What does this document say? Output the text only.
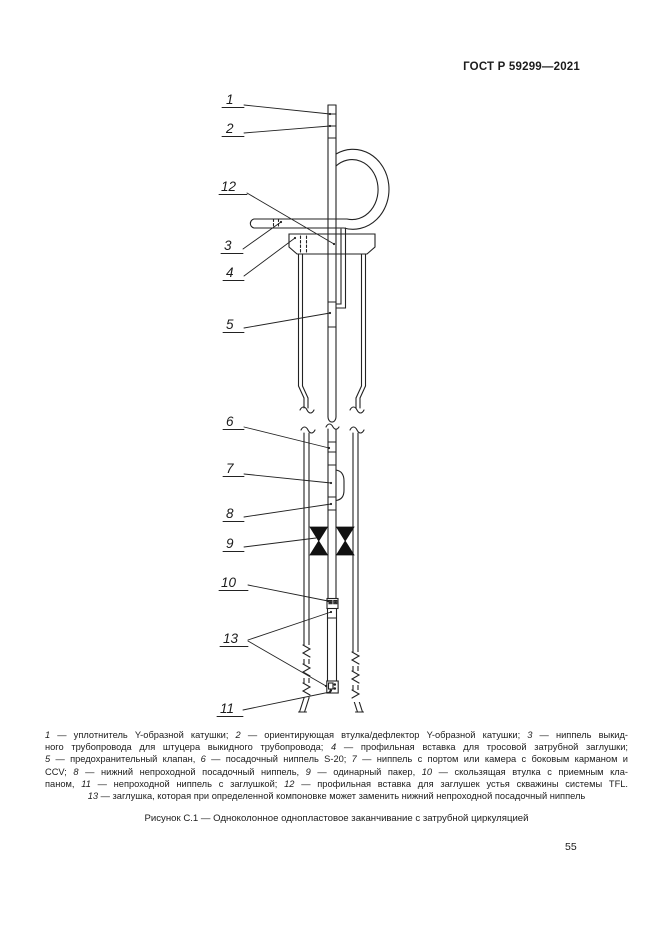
ГОСТ Р 59299—2021
1
2
12
3
4
5
6
7
8
9
10
13
11
1 — уплотнитель Y-образной катушки; 2 — ориентирующая втулка/дефлектор Y-образной катушки; 3 — ниппель выкид-
ного трубопровода для штуцера выкидного трубопровода; 4 — профильная вставка для тросовой затрубной заглушки;
5 — предохранительный клапан, 6 — посадочный ниппель S-20; 7 — ниппель с портом или камера с боковым карманом и
CCV; 8 — нижний непроходной посадочный ниппель, 9 — одинарный пакер, 10 — скользящая втулка с приемным кла-
паном, 11 — непроходной ниппель с заглушкой; 12 — профильная вставка для заглушек устья скважины системы TFL.
13 — заглушка, которая при определенной компоновке может заменить нижний непроходной посадочный ниппель
Рисунок С.1 — Одноколонное однопластовое заканчивание с затрубной циркуляцией
55
